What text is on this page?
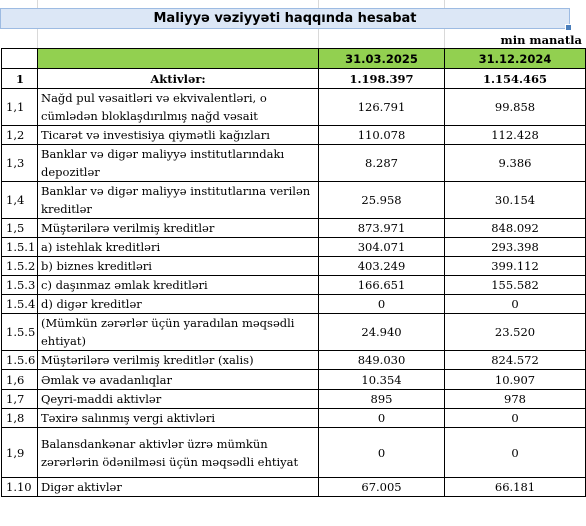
Maliyyə vəziyyəti haqqında hesabat
min manatla
		31.03.2025	31.12.2024
1	Aktivlər:	1.198.397	1.154.465
1,1	Nağd pul vəsaitləri və ekvivalentləri, o cümlədən bloklaşdırılmış nağd vəsait	126.791	99.858
1,2	Ticarət və investisiya qiymətli kağızları	110.078	112.428
1,3	Banklar və digər maliyyə institutlarındakı depozitlər	8.287	9.386
1,4	Banklar və digər maliyyə institutlarına verilən kreditlər	25.958	30.154
1,5	Müştərilərə verilmiş kreditlər	873.971	848.092
1.5.1	a) istehlak kreditləri	304.071	293.398
1.5.2	b) biznes kreditləri	403.249	399.112
1.5.3	c) daşınmaz əmlak kreditləri	166.651	155.582
1.5.4	d) digər kreditlər	0	0
1.5.5	(Mümkün zərərlər üçün yaradılan məqsədli ehtiyat)	24.940	23.520
1.5.6	Müştərilərə verilmiş kreditlər (xalis)	849.030	824.572
1,6	Əmlak və avadanlıqlar	10.354	10.907
1,7	Qeyri-maddi aktivlər	895	978
1,8	Təxirə salınmış vergi aktivləri	0	0
1,9	Balansdankənar aktivlər üzrə mümkün zərərlərin ödənilməsi üçün məqsədli ehtiyat	0	0
1.10	Digər aktivlər	67.005	66.181
